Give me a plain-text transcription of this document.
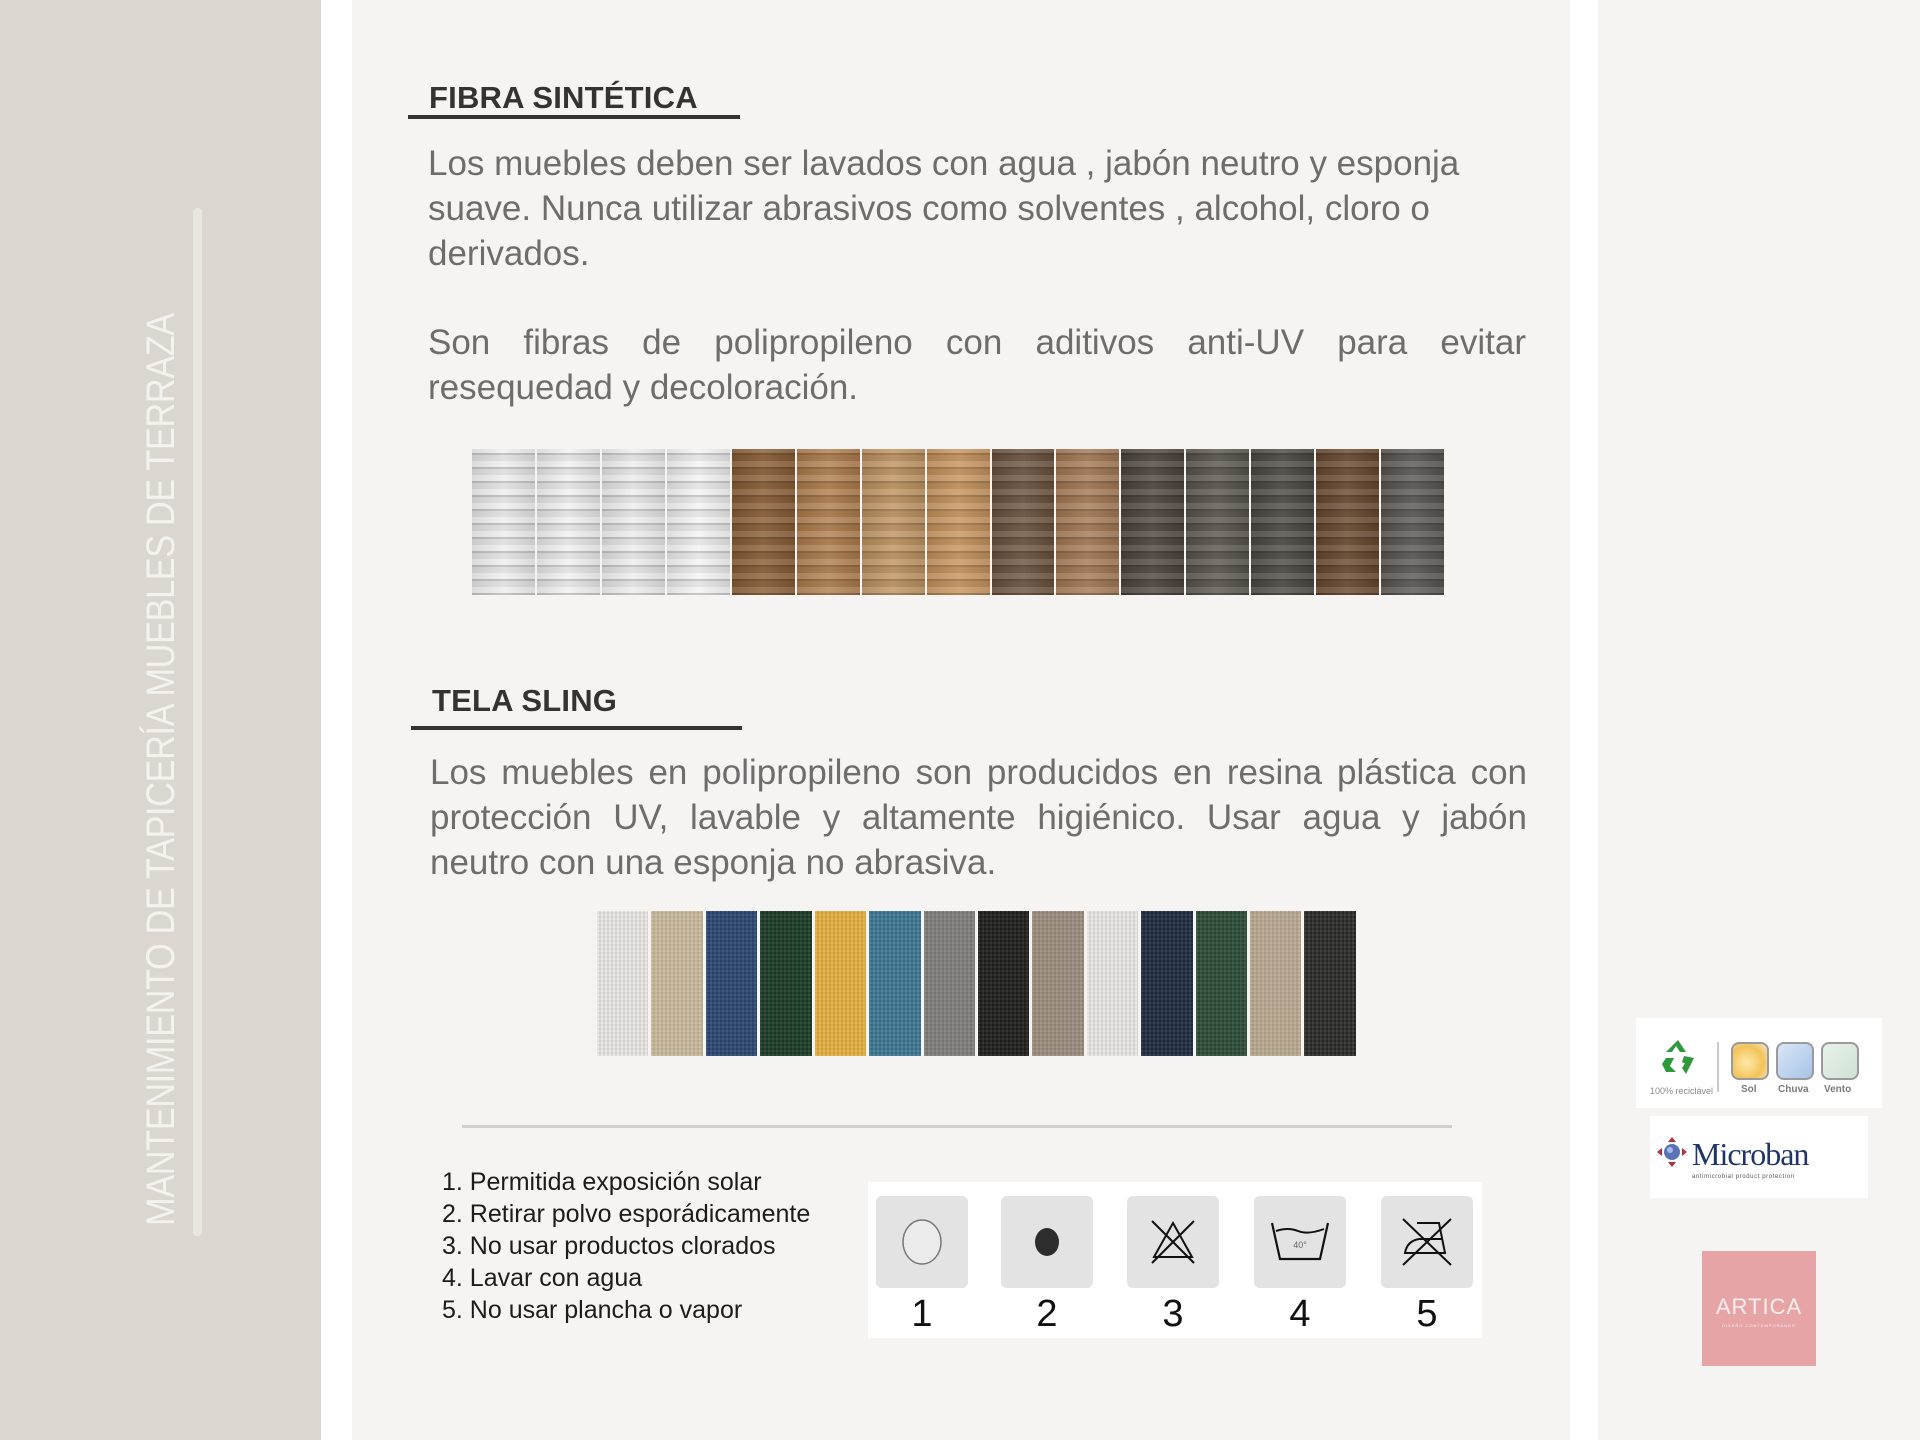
MANTENIMIENTO DE TAPICERÍA MUEBLES DE TERRAZA
FIBRA SINTÉTICA

Los muebles deben ser lavados con agua , jabón neutro y esponja suave. Nunca utilizar abrasivos como solventes , alcohol, cloro o derivados.

Son fibras de polipropileno con aditivos anti-UV para evitar resequedad y decoloración.

TELA SLING

Los muebles en polipropileno son producidos en resina plástica con protección UV, lavable y altamente higiénico. Usar agua y jabón neutro con una esponja no abrasiva.

1. Permitida exposición solar
2. Retirar polvo esporádicamente
3. No usar productos clorados
4. Lavar con agua
5. No usar plancha o vapor	1	2	3
40°
4	5
100% reciclável	Sol Chuva Vento
Microban
antimicrobial product protection
ARTICA
DISEÑO CONTEMPORÁNEO
